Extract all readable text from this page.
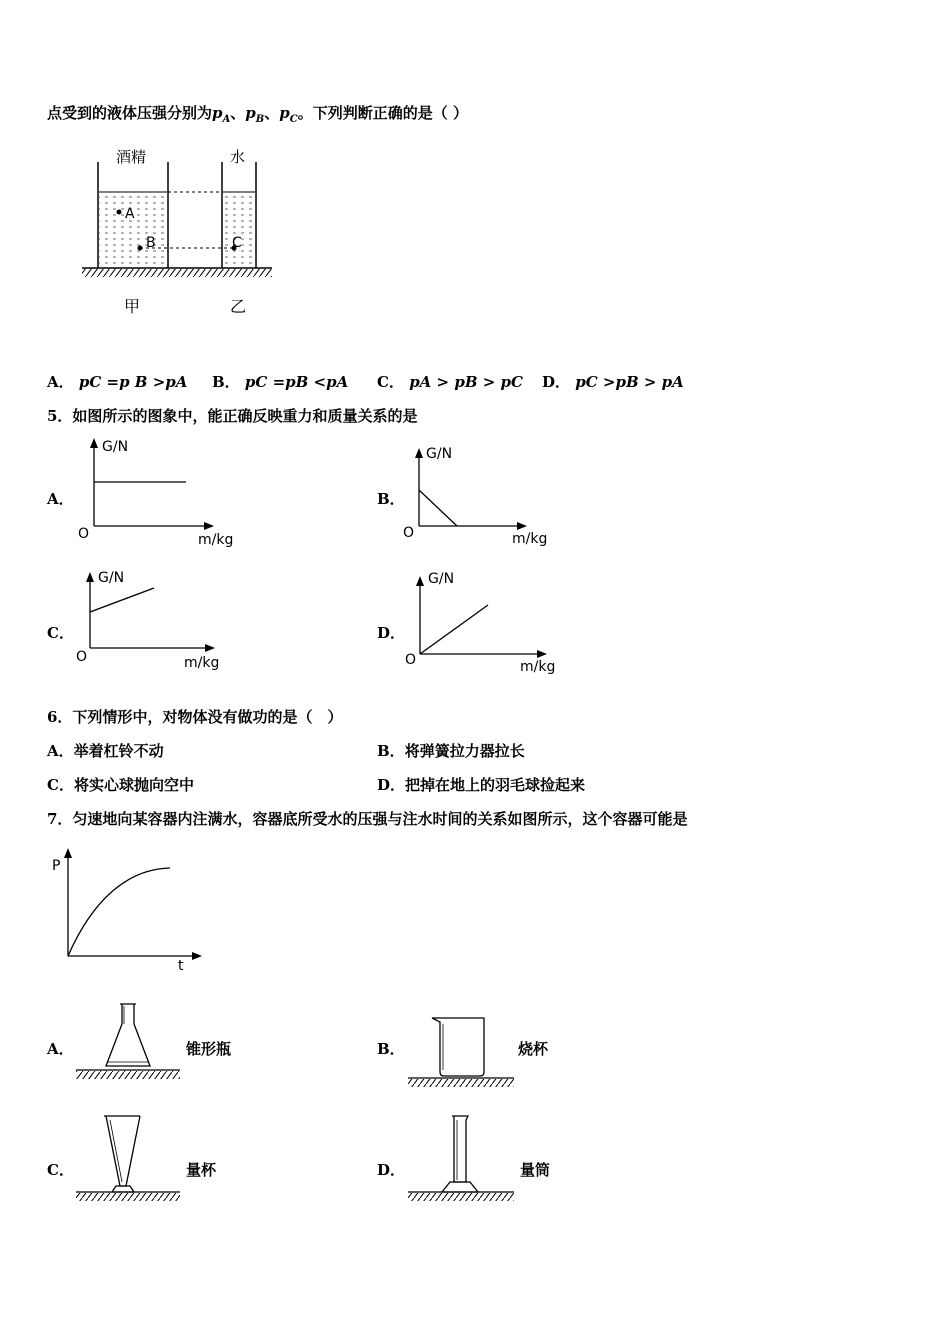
点受到的液体压强分别为$p_A$、$p_B$、$p_C$。下列判断正确的是（ ）
酒精	水
A
B	C
甲	乙
A． pC =p B >pA B． pC =pB <pA C． pA > pB > pC D． pC >pB > pA
5．如图所示的图象中，能正确反映重力和质量关系的是
A．
G/N
O	m/kg
B．
G/N
O	m/kg
C．
G/N
O	m/kg
D．
G/N
O	m/kg
6．下列情形中，对物体没有做功的是（　）
A．举着杠铃不动	B．将弹簧拉力器拉长
C．将实心球抛向空中	D．把掉在地上的羽毛球捡起来
7．匀速地向某容器内注满水，容器底所受水的压强与注水时间的关系如图所示，这个容器可能是
P
t
A．	锥形瓶	B．	烧杯
C．	量杯	D．	量筒
